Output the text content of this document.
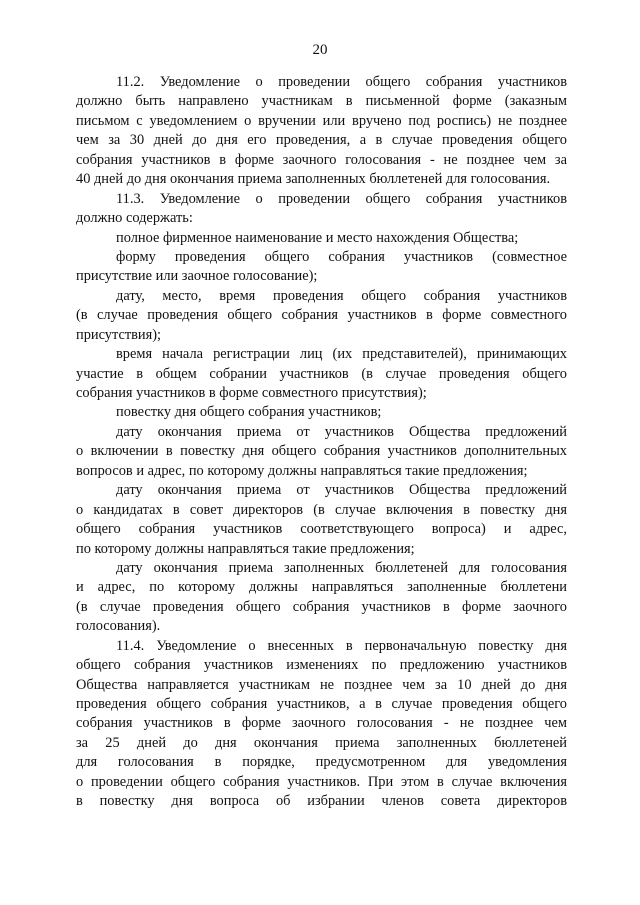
20
11.2. Уведомление о проведении общего собрания участников
должно быть направлено участникам в письменной форме (заказным
письмом с уведомлением о вручении или вручено под роспись) не позднее
чем за 30 дней до дня его проведения, а в случае проведения общего
собрания участников в форме заочного голосования - не позднее чем за
40 дней до дня окончания приема заполненных бюллетеней для голосования.
11.3. Уведомление о проведении общего собрания участников
должно содержать:
полное фирменное наименование и место нахождения Общества;
форму проведения общего собрания участников (совместное
присутствие или заочное голосование);
дату, место, время проведения общего собрания участников
(в случае проведения общего собрания участников в форме совместного
присутствия);
время начала регистрации лиц (их представителей), принимающих
участие в общем собрании участников (в случае проведения общего
собрания участников в форме совместного присутствия);
повестку дня общего собрания участников;
дату окончания приема от участников Общества предложений
о включении в повестку дня общего собрания участников дополнительных
вопросов и адрес, по которому должны направляться такие предложения;
дату окончания приема от участников Общества предложений
о кандидатах в совет директоров (в случае включения в повестку дня
общего собрания участников соответствующего вопроса) и адрес,
по которому должны направляться такие предложения;
дату окончания приема заполненных бюллетеней для голосования
и адрес, по которому должны направляться заполненные бюллетени
(в случае проведения общего собрания участников в форме заочного
голосования).
11.4. Уведомление о внесенных в первоначальную повестку дня
общего собрания участников изменениях по предложению участников
Общества направляется участникам не позднее чем за 10 дней до дня
проведения общего собрания участников, а в случае проведения общего
собрания участников в форме заочного голосования - не позднее чем
за 25 дней до дня окончания приема заполненных бюллетеней
для голосования в порядке, предусмотренном для уведомления
о проведении общего собрания участников. При этом в случае включения
в повестку дня вопроса об избрании членов совета директоров
